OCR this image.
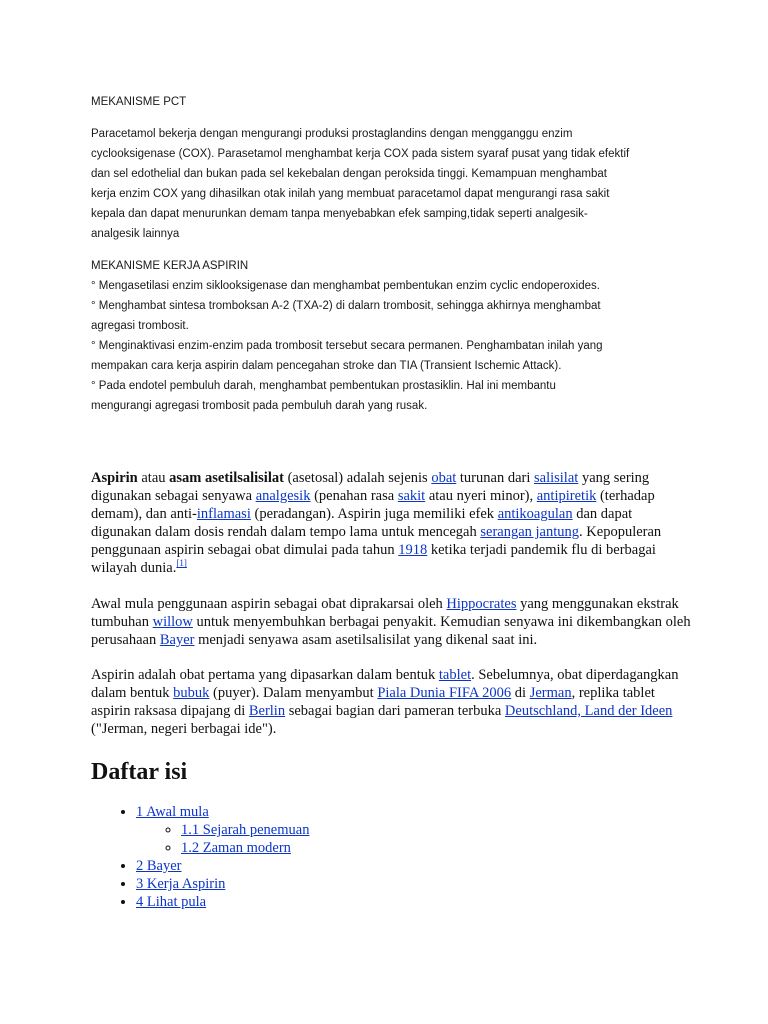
MEKANISME PCT
Paracetamol bekerja dengan mengurangi produksi prostaglandins dengan mengganggu enzim
cyclooksigenase (COX). Parasetamol menghambat kerja COX pada sistem syaraf pusat yang tidak efektif
dan sel edothelial dan bukan pada sel kekebalan dengan peroksida tinggi. Kemampuan menghambat
kerja enzim COX yang dihasilkan otak inilah yang membuat paracetamol dapat mengurangi rasa sakit
kepala dan dapat menurunkan demam tanpa menyebabkan efek samping,tidak seperti analgesik-
analgesik lainnya
MEKANISME KERJA ASPIRIN
° Mengasetilasi enzim siklooksigenase dan menghambat pembentukan enzim cyclic endoperoxides.
° Menghambat sintesa tromboksan A-2 (TXA-2) di dalarn trombosit, sehingga akhirnya menghambat
agregasi trombosit.
° Menginaktivasi enzim-enzim pada trombosit tersebut secara permanen. Penghambatan inilah yang
mempakan cara kerja aspirin dalam pencegahan stroke dan TIA (Transient Ischemic Attack).
° Pada endotel pembuluh darah, menghambat pembentukan prostasiklin. Hal ini membantu
mengurangi agregasi trombosit pada pembuluh darah yang rusak.

Aspirin atau asam asetilsalisilat (asetosal) adalah sejenis obat turunan dari salisilat yang sering digunakan sebagai senyawa analgesik (penahan rasa sakit atau nyeri minor), antipiretik (terhadap demam), dan anti-inflamasi (peradangan). Aspirin juga memiliki efek antikoagulan dan dapat digunakan dalam dosis rendah dalam tempo lama untuk mencegah serangan jantung. Kepopuleran penggunaan aspirin sebagai obat dimulai pada tahun 1918 ketika terjadi pandemik flu di berbagai wilayah dunia.[1]

Awal mula penggunaan aspirin sebagai obat diprakarsai oleh Hippocrates yang menggunakan ekstrak tumbuhan willow untuk menyembuhkan berbagai penyakit. Kemudian senyawa ini dikembangkan oleh perusahaan Bayer menjadi senyawa asam asetilsalisilat yang dikenal saat ini.

Aspirin adalah obat pertama yang dipasarkan dalam bentuk tablet. Sebelumnya, obat diperdagangkan dalam bentuk bubuk (puyer). Dalam menyambut Piala Dunia FIFA 2006 di Jerman, replika tablet aspirin raksasa dipajang di Berlin sebagai bagian dari pameran terbuka Deutschland, Land der Ideen ("Jerman, negeri berbagai ide").

Daftar isi
• 1 Awal mula
◦ 1.1 Sejarah penemuan
◦ 1.2 Zaman modern
• 2 Bayer
• 3 Kerja Aspirin
• 4 Lihat pula
